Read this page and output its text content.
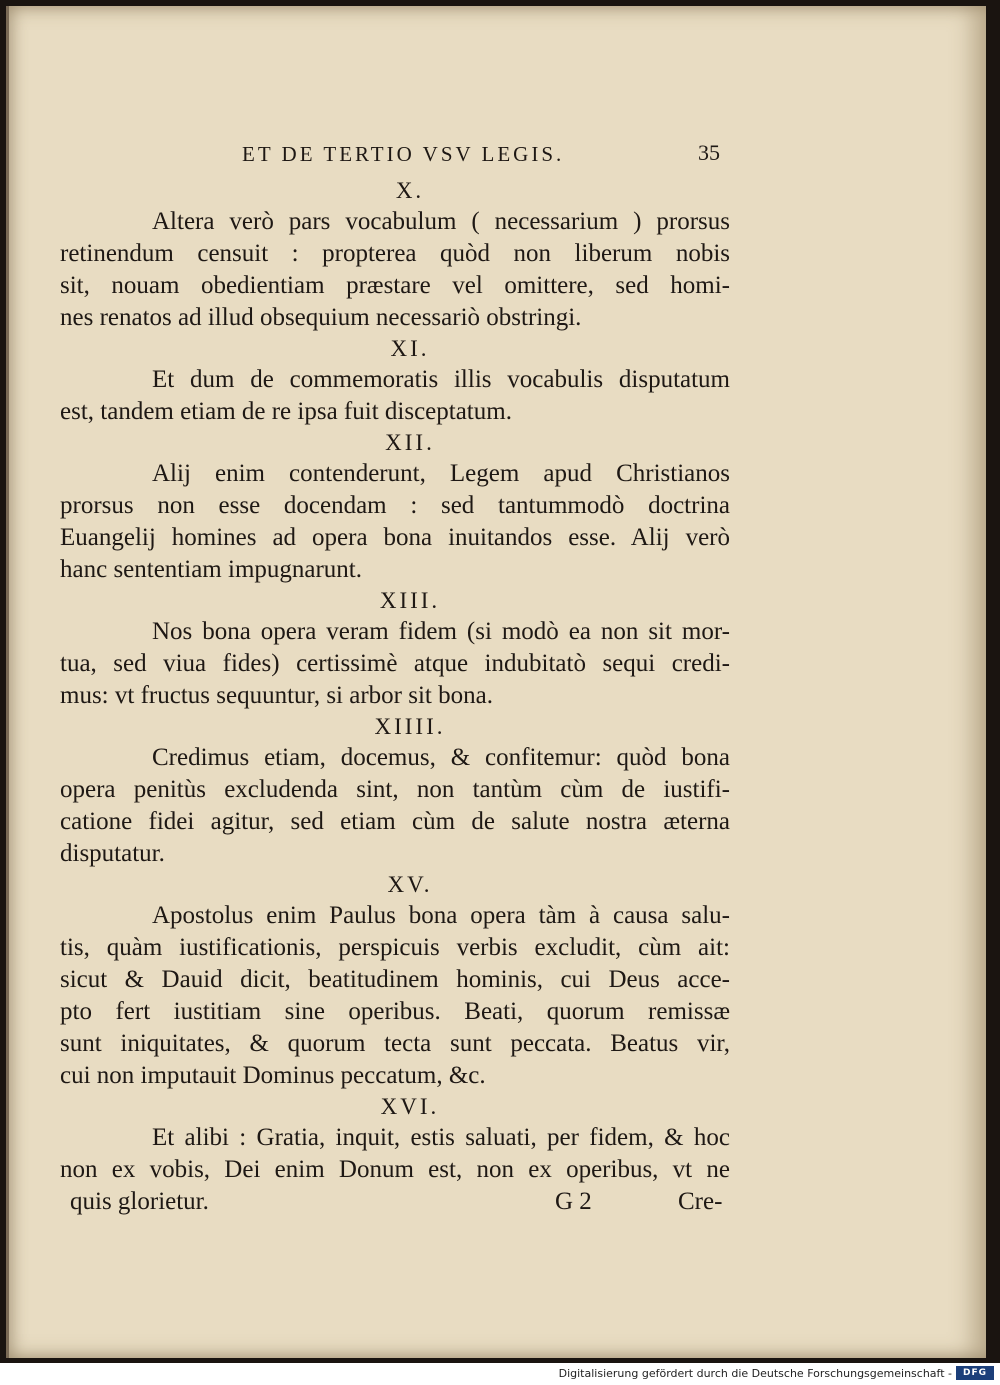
ET DE TERTIO VSV LEGIS.	35
X.

Altera verò pars vocabulum ( necessarium ) prorsus

retinendum censuit : propterea quòd non liberum nobis

sit, nouam obedientiam præstare vel omittere, sed homi-

nes renatos ad illud obsequium necessariò obstringi.

XI.

Et dum de commemoratis illis vocabulis disputatum

est, tandem etiam de re ipsa fuit disceptatum.

XII.

Alij enim contenderunt, Legem apud Christianos

prorsus non esse docendam : sed tantummodò doctrina

Euangelij homines ad opera bona inuitandos esse. Alij verò

hanc sententiam impugnarunt.

XIII.

Nos bona opera veram fidem (si modò ea non sit mor-

tua, sed viua fides) certissimè atque indubitatò sequi credi-

mus: vt fructus sequuntur, si arbor sit bona.

XIIII.

Credimus etiam, docemus, & confitemur: quòd bona

opera penitùs excludenda sint, non tantùm cùm de iustifi-

catione fidei agitur, sed etiam cùm de salute nostra æterna

disputatur.

XV.

Apostolus enim Paulus bona opera tàm à causa salu-

tis, quàm iustificationis, perspicuis verbis excludit, cùm ait:

sicut & Dauid dicit, beatitudinem hominis, cui Deus acce-

pto fert iustitiam sine operibus. Beati, quorum remissæ

sunt iniquitates, & quorum tecta sunt peccata. Beatus vir,

cui non imputauit Dominus peccatum, &c.

XVI.

Et alibi : Gratia, inquit, estis saluati, per fidem, & hoc

non ex vobis, Dei enim Donum est, non ex operibus, vt ne

quis glorietur.	G 2	Cre-
Digitalisierung gefördert durch die Deutsche Forschungsgemeinschaft -	DFG
